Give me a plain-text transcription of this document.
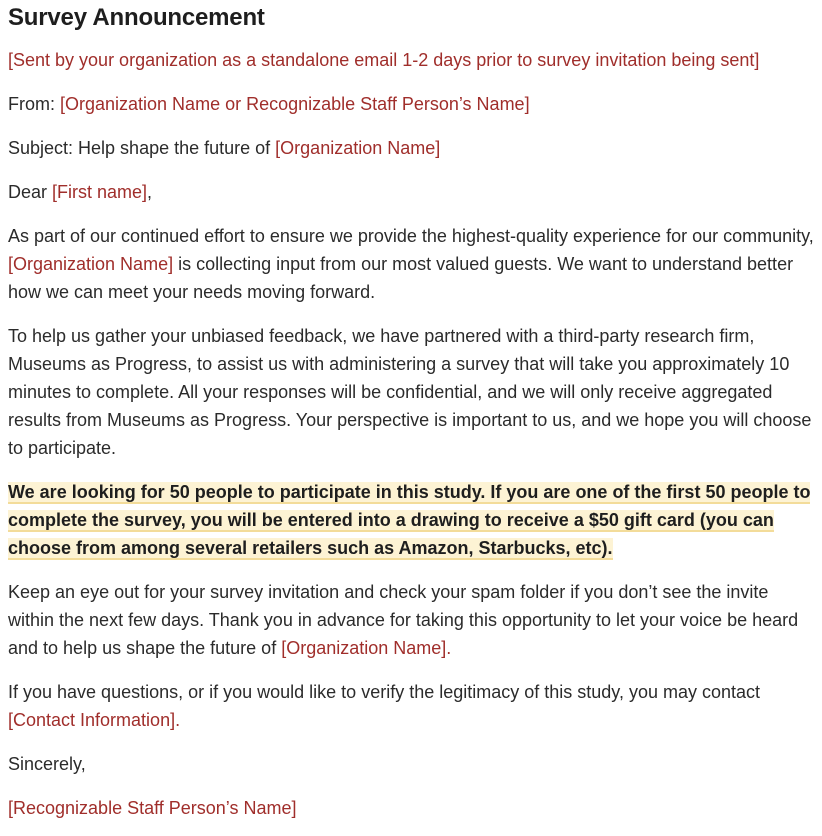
Survey Announcement

[Sent by your organization as a standalone email 1-2 days prior to survey invitation being sent]

From: [Organization Name or Recognizable Staff Person’s Name]

Subject: Help shape the future of [Organization Name]

Dear [First name],

As part of our continued effort to ensure we provide the highest-quality experience for our community, [Organization Name] is collecting input from our most valued guests. We want to understand better how we can meet your needs moving forward.

To help us gather your unbiased feedback, we have partnered with a third-party research firm, Museums as Progress, to assist us with administering a survey that will take you approximately 10 minutes to complete. All your responses will be confidential, and we will only receive aggregated results from Museums as Progress. Your perspective is important to us, and we hope you will choose to participate.

We are looking for 50 people to participate in this study. If you are one of the first 50 people to complete the survey, you will be entered into a drawing to receive a $50 gift card (you can choose from among several retailers such as Amazon, Starbucks, etc).

Keep an eye out for your survey invitation and check your spam folder if you don’t see the invite within the next few days. Thank you in advance for taking this opportunity to let your voice be heard and to help us shape the future of [Organization Name].

If you have questions, or if you would like to verify the legitimacy of this study, you may contact [Contact Information].

Sincerely,

[Recognizable Staff Person’s Name]
